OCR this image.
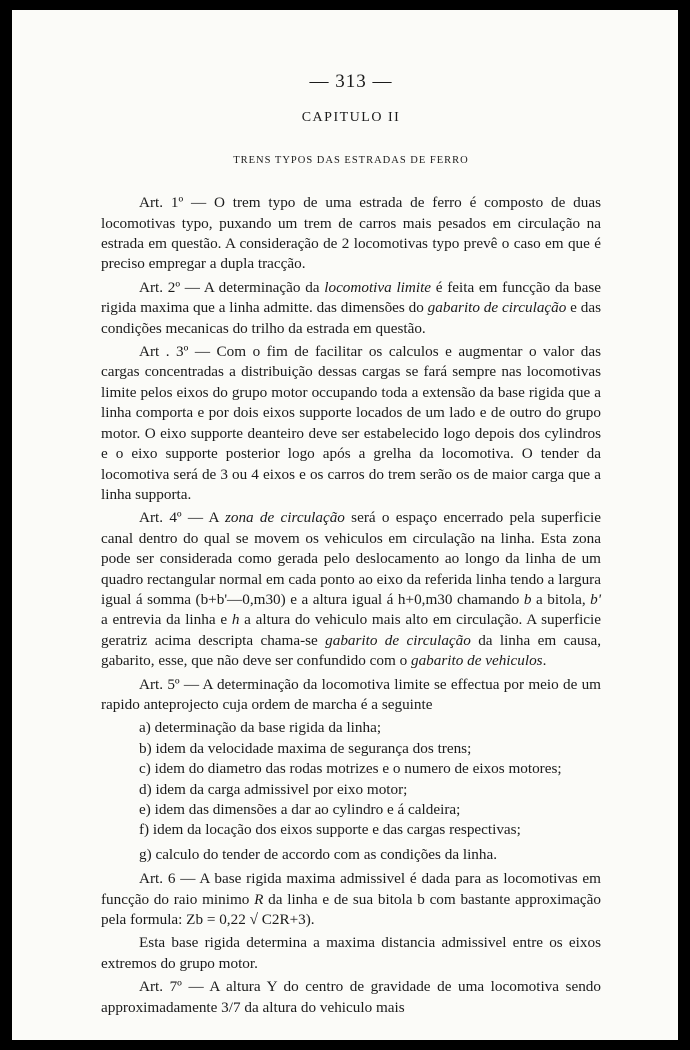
— 313 —
CAPITULO II
TRENS TYPOS DAS ESTRADAS DE FERRO

Art. 1º — O trem typo de uma estrada de ferro é composto de duas locomotivas typo, puxando um trem de carros mais pesados em circulação na estrada em questão. A consideração de 2 locomotivas typo prevê o caso em que é preciso empregar a dupla tracção.

Art. 2º — A determinação da locomotiva limite é feita em funcção da base rigida maxima que a linha admitte. das dimensões do gabarito de circulação e das condições mecanicas do trilho da estrada em questão.

Art . 3º — Com o fim de facilitar os calculos e augmentar o valor das cargas concentradas a distribuição dessas cargas se fará sempre nas locomotivas limite pelos eixos do grupo motor occupando toda a extensão da base rigida que a linha comporta e por dois eixos supporte locados de um lado e de outro do grupo motor. O eixo supporte deanteiro deve ser estabelecido logo depois dos cylindros e o eixo supporte posterior logo após a grelha da locomotiva. O tender da locomotiva será de 3 ou 4 eixos e os carros do trem serão os de maior carga que a linha supporta.

Art. 4º — A zona de circulação será o espaço encerrado pela superficie canal dentro do qual se movem os vehiculos em circulação na linha. Esta zona pode ser considerada como gerada pelo deslocamento ao longo da linha de um quadro rectangular normal em cada ponto ao eixo da referida linha tendo a largura igual á somma (b+b'—0,m30) e a altura igual á h+0,m30 chamando b a bitola, b' a entrevia da linha e h a altura do vehiculo mais alto em circulação. A superficie geratriz acima descripta chama-se gabarito de circulação da linha em causa, gabarito, esse, que não deve ser confundido com o gabarito de vehiculos.

Art. 5º — A determinação da locomotiva limite se effectua por meio de um rapido anteprojecto cuja ordem de marcha é a seguinte

a) determinação da base rigida da linha;

b) idem da velocidade maxima de segurança dos trens;

c) idem do diametro das rodas motrizes e o numero de eixos motores;

d) idem da carga admissivel por eixo motor;

e) idem das dimensões a dar ao cylindro e á caldeira;

f) idem da locação dos eixos supporte e das cargas respectivas;

g) calculo do tender de accordo com as condições da linha.

Art. 6 — A base rigida maxima admissivel é dada para as locomotivas em funcção do raio minimo R da linha e de sua bitola b com bastante approximação pela formula: Zb = 0,22 √ C2R+3).

Esta base rigida determina a maxima distancia admissivel entre os eixos extremos do grupo motor.

Art. 7º — A altura Y do centro de gravidade de uma locomotiva sendo approximadamente 3/7 da altura do vehiculo mais
